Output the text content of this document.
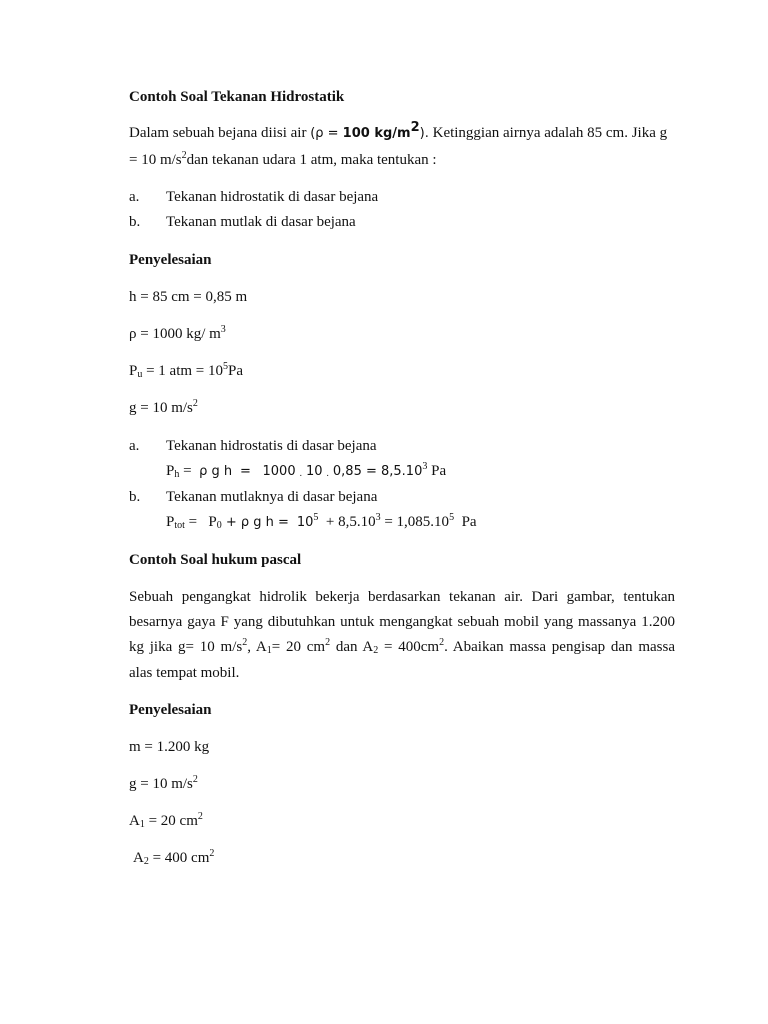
Contoh Soal Tekanan Hidrostatik
Dalam sebuah bejana diisi air (ρ = 100 $kg/m^2$). Ketinggian airnya adalah 85 cm. Jika g
= 10 $m/s^2dan$ tekanan udara 1 atm, maka tentukan :
a. Tekanan hidrostatik di dasar bejana
b. Tekanan mutlak di dasar bejana
Penyelesaian
h = 85 cm = 0,85 m
ρ = 1000 kg/ $m^3$
$P_u = 1$ atm = $10^5Pa$
g = 10 $m/s^2$
a. Tekanan hidrostatis di dasar bejana
$P_h = \rho$ g h  =   1000 . 10 . $0,85 = 8,5.10^3$ Pa
b. Tekanan mutlaknya di dasar bejana
$P_{tot} = P_0 + \rho$ g $h = 10^5 + 8,5.10^3 = 1,085.10^5$  Pa
Contoh Soal hukum pascal
Sebuah pengangkat hidrolik bekerja berdasarkan tekanan air. Dari gambar, tentukan
besarnya gaya F yang dibutuhkan untuk mengangkat sebuah mobil yang massanya 1.200
kg jika g= 10 $m/s^2$, $A_1= 20$ $cm^2$ dan $A_2 = 400cm^2$. Abaikan massa pengisap dan massa
alas tempat mobil.
Penyelesaian
m = 1.200 kg
g = 10 $m/s^2$
$A_1 = 20$ $cm^2$
$A_2 = 400$ $cm^2$
